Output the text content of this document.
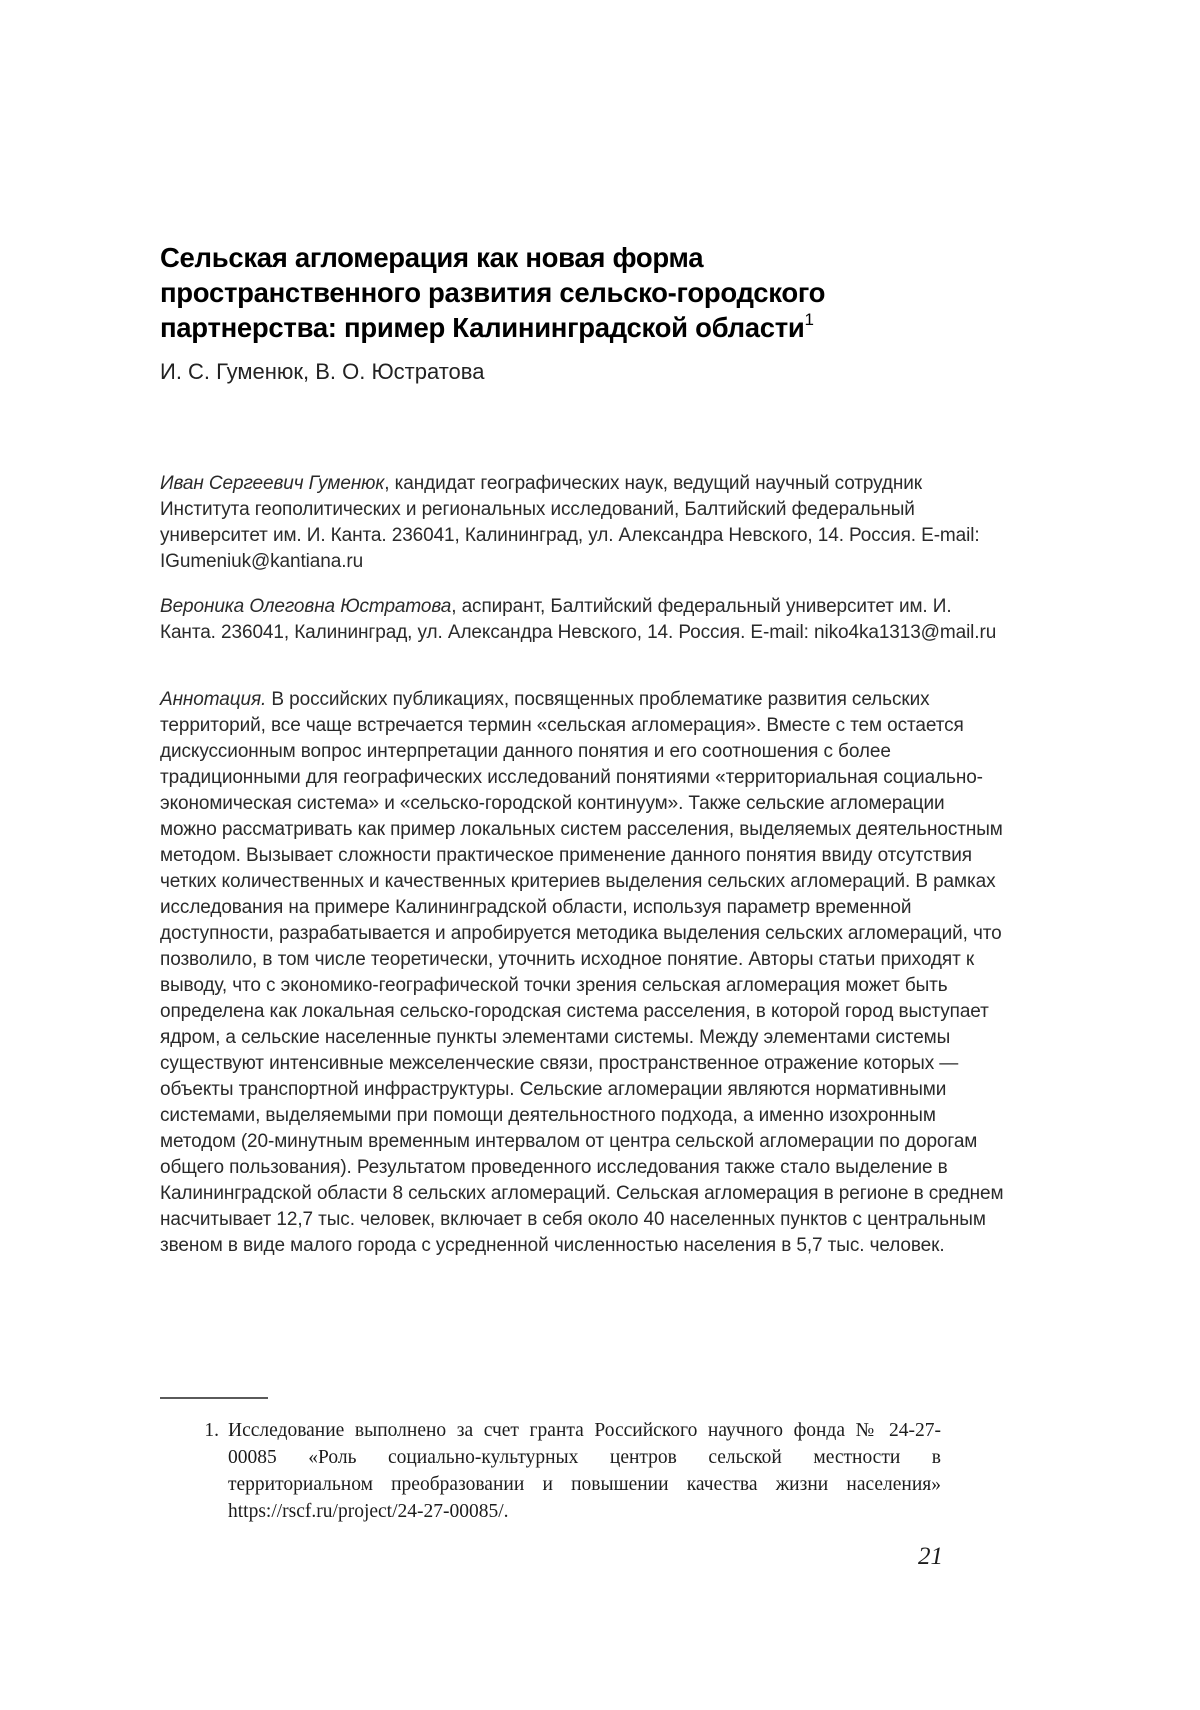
Сельская агломерация как новая форма пространственного развития сельско-городского партнерства: пример Калининградской области$^1$
И. С. Гуменюк, В. О. Юстратова

Иван Сергеевич Гуменюк, кандидат географических наук, ведущий научный сотрудник Института геополитических и региональных исследований, Балтийский федеральный университет им. И. Канта. 236041, Калининград, ул. Александра Невского, 14. Россия. E-mail: IGumeniuk@kantiana.ru

Вероника Олеговна Юстратова, аспирант, Балтийский федеральный университет им. И. Канта. 236041, Калининград, ул. Александра Невского, 14. Россия. E-mail: niko4ka1313@mail.ru

Аннотация. В российских публикациях, посвященных проблематике развития сельских территорий, все чаще встречается термин «сельская агломерация». Вместе с тем остается дискуссионным вопрос интерпретации данного понятия и его соотношения с более традиционными для географических исследований понятиями «территориальная социально-экономическая система» и «сельско-городской континуум». Также сельские агломерации можно рассматривать как пример локальных систем расселения, выделяемых деятельностным методом. Вызывает сложности практическое применение данного понятия ввиду отсутствия четких количественных и качественных критериев выделения сельских агломераций. В рамках исследования на примере Калининградской области, используя параметр временной доступности, разрабатывается и апробируется методика выделения сельских агломераций, что позволило, в том числе теоретически, уточнить исходное понятие. Авторы статьи приходят к выводу, что с экономико-географической точки зрения сельская агломерация может быть определена как локальная сельско-городская система расселения, в которой город выступает ядром, а сельские населенные пункты элементами системы. Между элементами системы существуют интенсивные межселенческие связи, пространственное отражение которых — объекты транспортной инфраструктуры. Сельские агломерации являются нормативными системами, выделяемыми при помощи деятельностного подхода, а именно изохронным методом (20-минутным временным интервалом от центра сельской агломерации по дорогам общего пользования). Результатом проведенного исследования также стало выделение в Калининградской области 8 сельских агломераций. Сельская агломерация в регионе в среднем насчитывает 12,7 тыс. человек, включает в себя около 40 населенных пунктов с центральным звеном в виде малого города с усредненной численностью населения в 5,7 тыс. человек.

1. Исследование выполнено за счет гранта Российского научного фонда № 24-27-00085 «Роль социально-культурных центров сельской местности в территориальном преобразовании и повышении качества жизни населения» https://rscf.ru/project/24-27-00085/.
21
